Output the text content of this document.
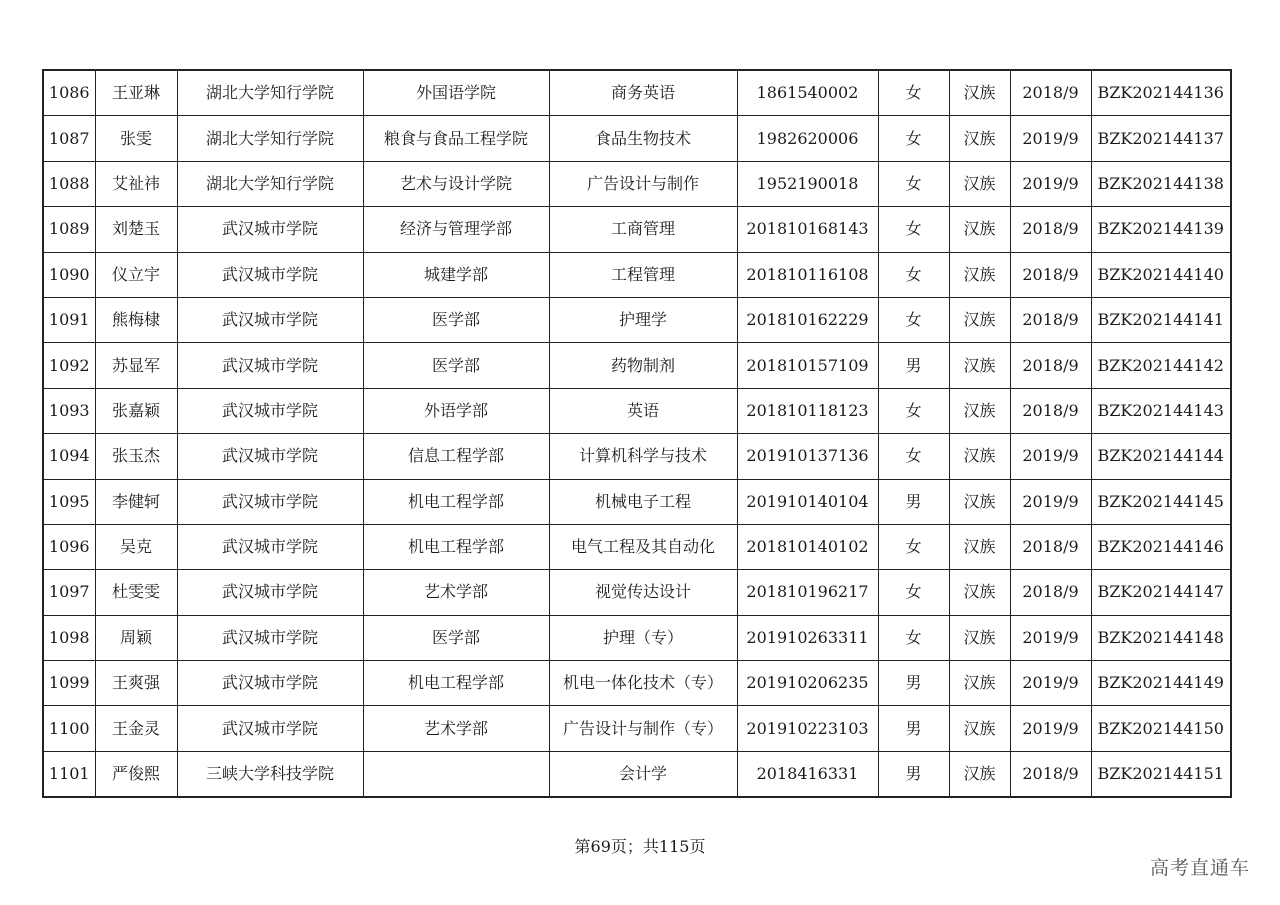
1086	王亚琳	湖北大学知行学院	外国语学院	商务英语	1861540002	女	汉族	2018/9	BZK202144136
1087	张雯	湖北大学知行学院	粮食与食品工程学院	食品生物技术	1982620006	女	汉族	2019/9	BZK202144137
1088	艾祉祎	湖北大学知行学院	艺术与设计学院	广告设计与制作	1952190018	女	汉族	2019/9	BZK202144138
1089	刘楚玉	武汉城市学院	经济与管理学部	工商管理	201810168143	女	汉族	2018/9	BZK202144139
1090	仪立宇	武汉城市学院	城建学部	工程管理	201810116108	女	汉族	2018/9	BZK202144140
1091	熊梅棣	武汉城市学院	医学部	护理学	201810162229	女	汉族	2018/9	BZK202144141
1092	苏显军	武汉城市学院	医学部	药物制剂	201810157109	男	汉族	2018/9	BZK202144142
1093	张嘉颖	武汉城市学院	外语学部	英语	201810118123	女	汉族	2018/9	BZK202144143
1094	张玉杰	武汉城市学院	信息工程学部	计算机科学与技术	201910137136	女	汉族	2019/9	BZK202144144
1095	李健轲	武汉城市学院	机电工程学部	机械电子工程	201910140104	男	汉族	2019/9	BZK202144145
1096	吴克	武汉城市学院	机电工程学部	电气工程及其自动化	201810140102	女	汉族	2018/9	BZK202144146
1097	杜雯雯	武汉城市学院	艺术学部	视觉传达设计	201810196217	女	汉族	2018/9	BZK202144147
1098	周颖	武汉城市学院	医学部	护理（专）	201910263311	女	汉族	2019/9	BZK202144148
1099	王爽强	武汉城市学院	机电工程学部	机电一体化技术（专）	201910206235	男	汉族	2019/9	BZK202144149
1100	王金灵	武汉城市学院	艺术学部	广告设计与制作（专）	201910223103	男	汉族	2019/9	BZK202144150
1101	严俊熙	三峡大学科技学院		会计学	2018416331	男	汉族	2018/9	BZK202144151
第69页；共115页
高考直通车
